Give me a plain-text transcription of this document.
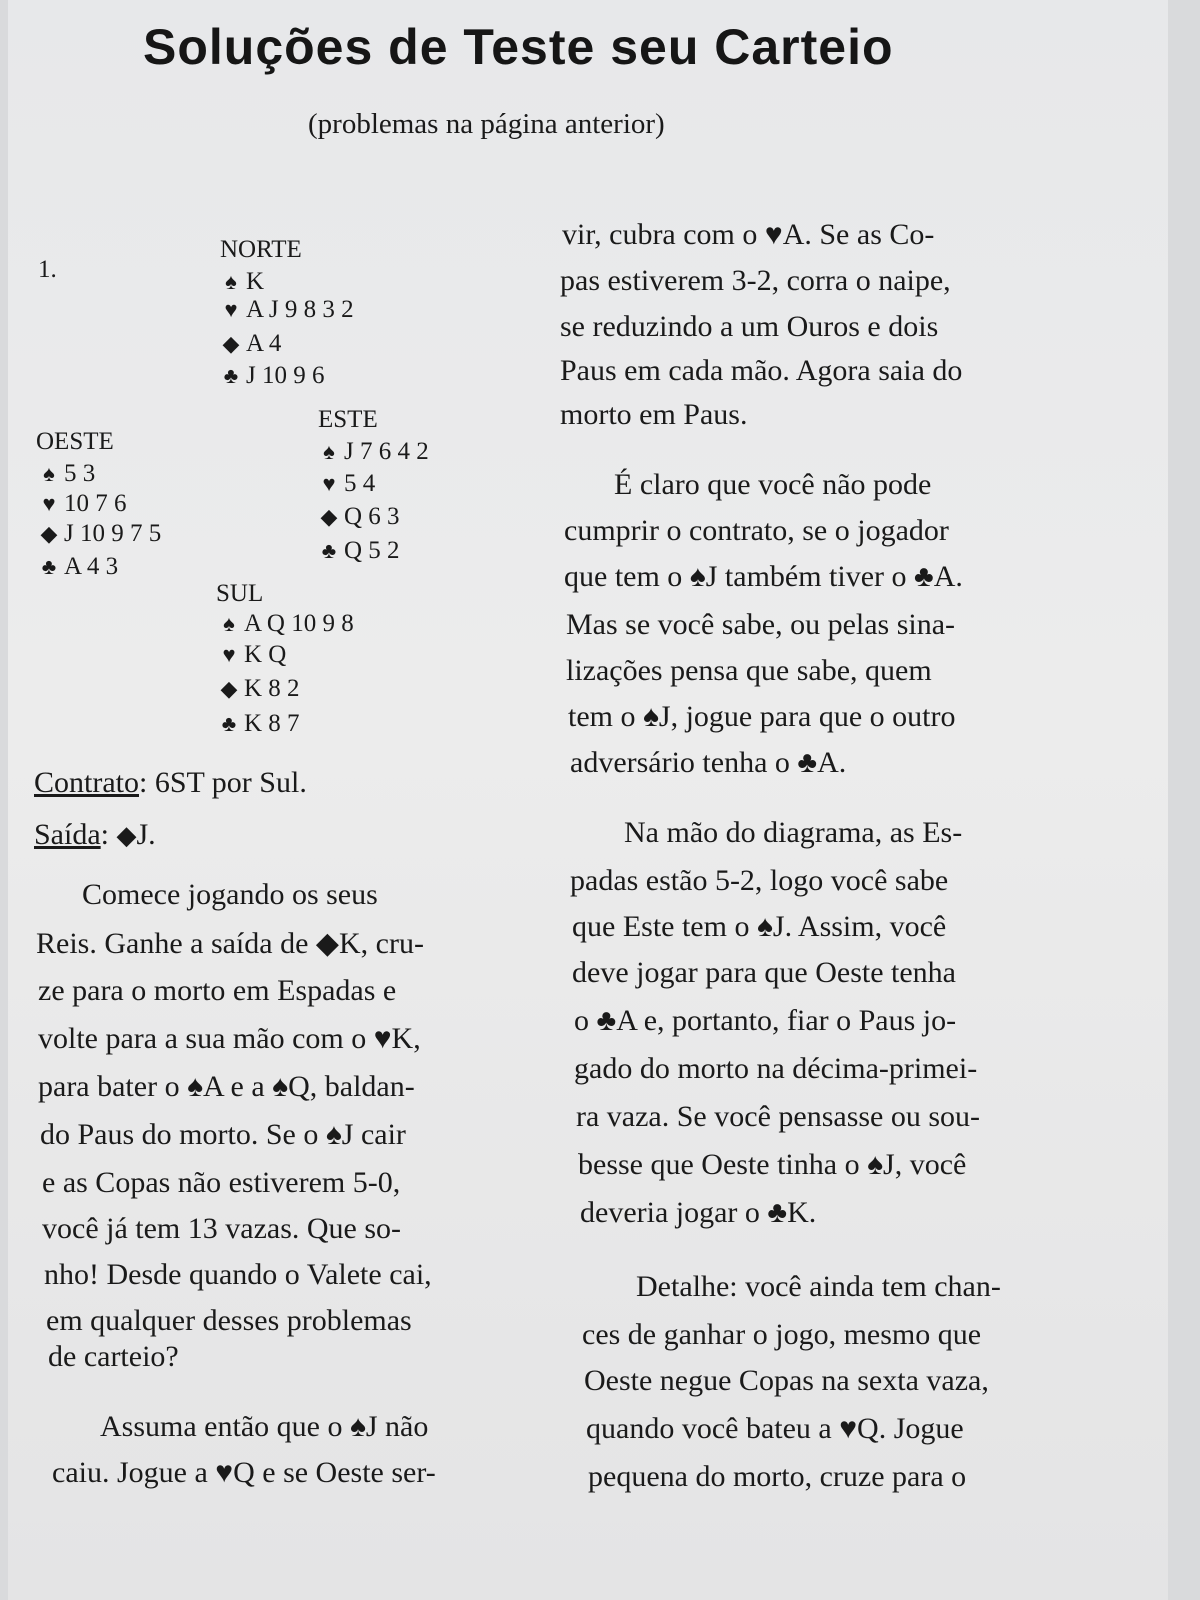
Soluções de Teste seu Carteio
(problemas na página anterior)
1.
NORTE
♠ K
♥ A J 9 8 3 2
◆ A 4
♣ J 10 9 6
OESTE
♠ 5 3
♥ 10 7 6
◆ J 10 9 7 5
♣ A 4 3
ESTE
♠ J 7 6 4 2
♥ 5 4
◆ Q 6 3
♣ Q 5 2
SUL
♠ A Q 10 9 8
♥ K Q
◆ K 8 2
♣ K 8 7
Contrato: 6ST por Sul.
Saída: ◆J.
Comece jogando os seus
Reis. Ganhe a saída de ◆K, cru-
ze para o morto em Espadas e
volte para a sua mão com o ♥K,
para bater o ♠A e a ♠Q, baldan-
do Paus do morto. Se o ♠J cair
e as Copas não estiverem 5-0,
você já tem 13 vazas. Que so-
nho! Desde quando o Valete cai,
em qualquer desses problemas
de carteio?
Assuma então que o ♠J não
caiu. Jogue a ♥Q e se Oeste ser-
vir, cubra com o ♥A. Se as Co-
pas estiverem 3-2, corra o naipe,
se reduzindo a um Ouros e dois
Paus em cada mão. Agora saia do
morto em Paus.
É claro que você não pode
cumprir o contrato, se o jogador
que tem o ♠J também tiver o ♣A.
Mas se você sabe, ou pelas sina-
lizações pensa que sabe, quem
tem o ♠J, jogue para que o outro
adversário tenha o ♣A.
Na mão do diagrama, as Es-
padas estão 5-2, logo você sabe
que Este tem o ♠J. Assim, você
deve jogar para que Oeste tenha
o ♣A e, portanto, fiar o Paus jo-
gado do morto na décima-primei-
ra vaza. Se você pensasse ou sou-
besse que Oeste tinha o ♠J, você
deveria jogar o ♣K.
Detalhe: você ainda tem chan-
ces de ganhar o jogo, mesmo que
Oeste negue Copas na sexta vaza,
quando você bateu a ♥Q. Jogue
pequena do morto, cruze para o
